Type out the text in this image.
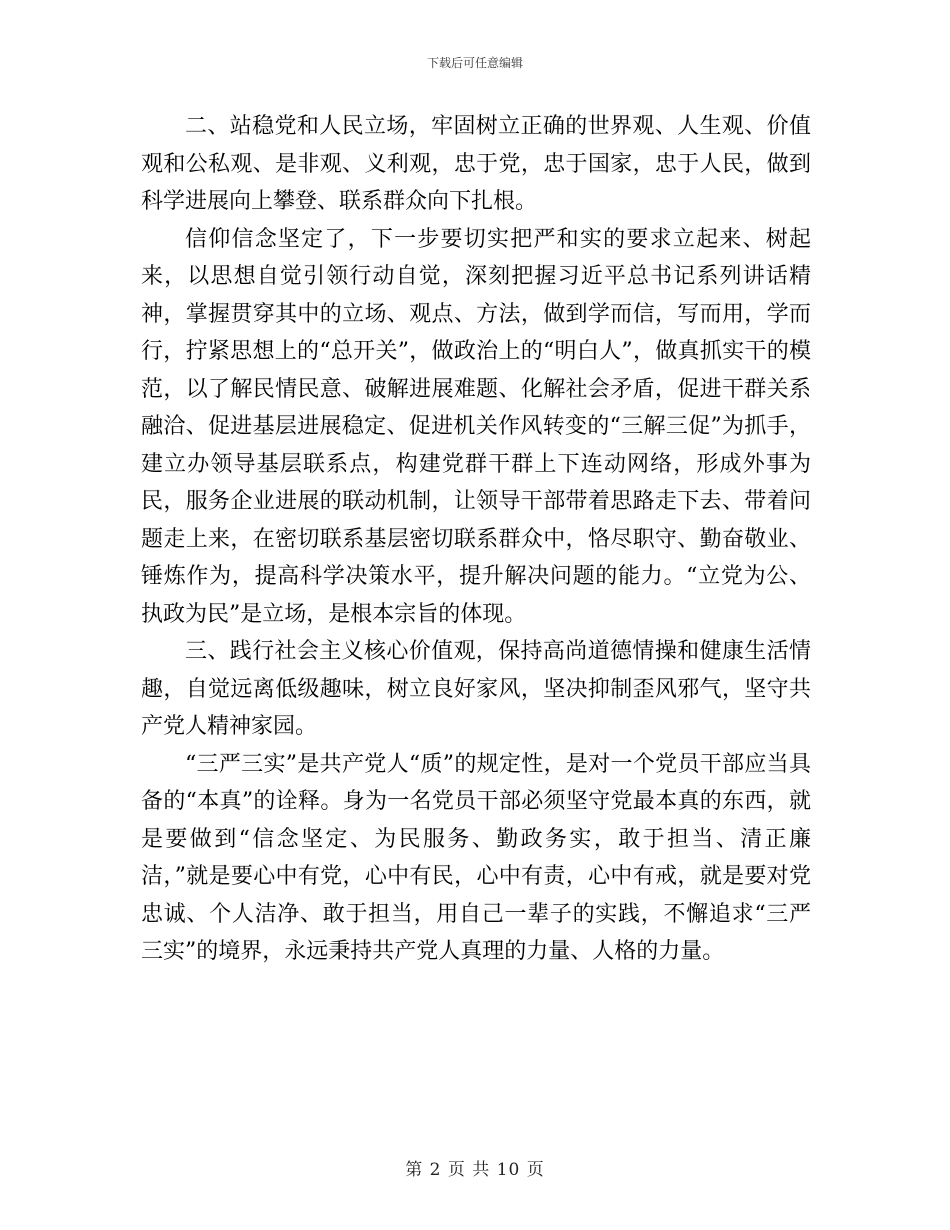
下载后可任意编辑

二、站稳党和人民立场，牢固树立正确的世界观、人生观、价值观和公私观、是非观、义利观，忠于党，忠于国家，忠于人民，做到科学进展向上攀登、联系群众向下扎根。

信仰信念坚定了，下一步要切实把严和实的要求立起来、树起来，以思想自觉引领行动自觉，深刻把握习近平总书记系列讲话精神，掌握贯穿其中的立场、观点、方法，做到学而信，写而用，学而行，拧紧思想上的“总开关”，做政治上的“明白人”，做真抓实干的模范，以了解民情民意、破解进展难题、化解社会矛盾，促进干群关系融洽、促进基层进展稳定、促进机关作风转变的“三解三促”为抓手，建立办领导基层联系点，构建党群干群上下连动网络，形成外事为民，服务企业进展的联动机制，让领导干部带着思路走下去、带着问题走上来，在密切联系基层密切联系群众中，恪尽职守、勤奋敬业、锤炼作为，提高科学决策水平，提升解决问题的能力。“立党为公、执政为民”是立场，是根本宗旨的体现。

三、践行社会主义核心价值观，保持高尚道德情操和健康生活情趣，自觉远离低级趣味，树立良好家风，坚决抑制歪风邪气，坚守共产党人精神家园。

“三严三实”是共产党人“质”的规定性，是对一个党员干部应当具备的“本真”的诠释。身为一名党员干部必须坚守党最本真的东西，就是要做到“信念坚定、为民服务、勤政务实，敢于担当、清正廉洁，”就是要心中有党，心中有民，心中有责，心中有戒，就是要对党忠诚、个人洁净、敢于担当，用自己一辈子的实践，不懈追求“三严三实”的境界，永远秉持共产党人真理的力量、人格的力量。

第 2 页 共 10 页
